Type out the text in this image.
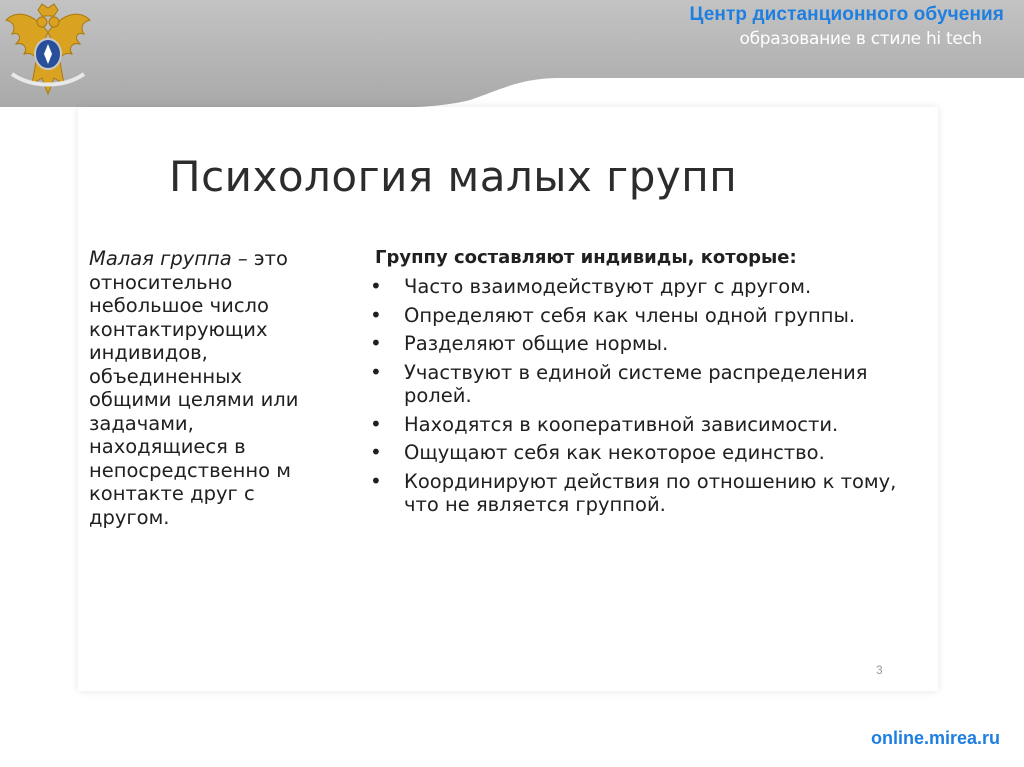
Центр дистанционного обучения
образование в стиле hi tech
Психология малых групп

Малая группа – это относительно небольшое число контактирующих индивидов, объединенных общими целями или задачами, находящиеся в непосредственно м контакте друг с другом.

Группу составляют индивиды, которые:
• Часто взаимодействуют друг с другом.
• Определяют себя как члены одной группы.
• Разделяют общие нормы.
• Участвуют в единой системе распределения ролей.
• Находятся в кооперативной зависимости.
• Ощущают себя как некоторое единство.
• Координируют действия по отношению к тому, что не является группой.
3
online.mirea.ru
